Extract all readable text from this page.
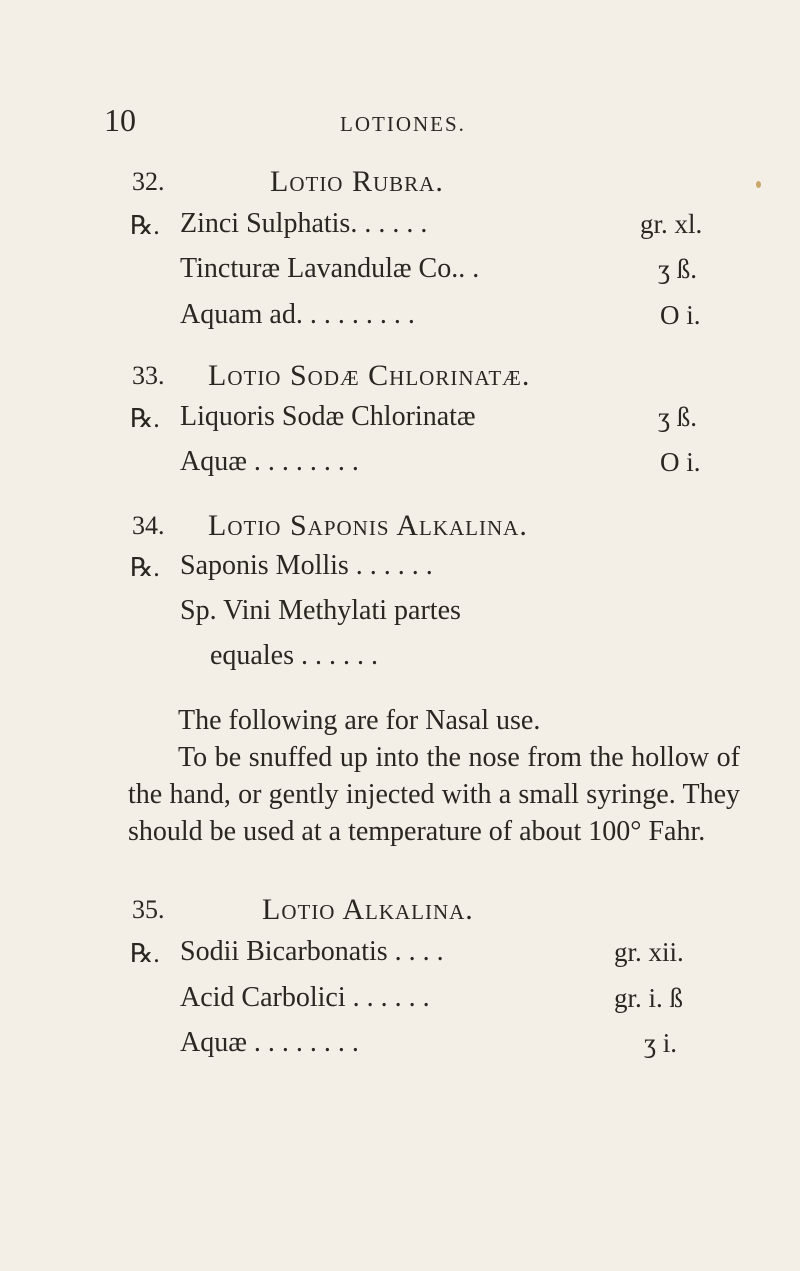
10	LOTIONES.
32.	Lotio Rubra.
℞. Zinci Sulphatis. . . . . .	gr. xl.
Tincturæ Lavandulæ Co.. .	ʒ ß.
Aquam ad. . . . . . . . .	O i.
33. Lotio Sodæ Chlorinatæ.
℞. Liquoris Sodæ Chlorinatæ	ʒ ß.
Aquæ . . . . . . . .	O i.
34. Lotio Saponis Alkalina.
℞. Saponis Mollis . . . . . .
Sp. Vini Methylati partes
equales . . . . . .
The following are for Nasal use.
To be snuffed up into the nose from the hollow of the hand, or gently injected with a small syringe. They should be used at a temperature of about 100° Fahr.
35.	Lotio Alkalina.
℞. Sodii Bicarbonatis . . . .	gr. xii.
Acid Carbolici . . . . . .	gr. i. ß
Aquæ . . . . . . . .	ʒ i.
